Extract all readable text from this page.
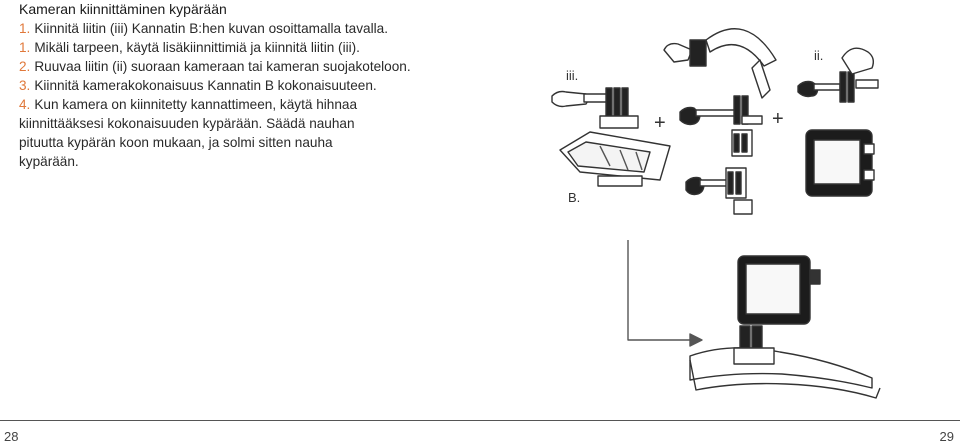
Kameran kiinnittäminen kypärään

1. Kiinnitä liitin (iii) Kannatin B:hen kuvan osoittamalla tavalla.

1. Mikäli tarpeen, käytä lisäkiinnittimiä ja kiinnitä liitin (iii).

2. Ruuvaa liitin (ii) suoraan kameraan tai kameran suojakoteloon.

3. Kiinnitä kamerakokonaisuus Kannatin B kokonaisuuteen.

4. Kun kamera on kiinnitetty kannattimeen, käytä hihnaa
kiinnittääksesi kokonaisuuden kypärään. Säädä nauhan
pituutta kypärän koon mukaan, ja solmi sitten nauha
kypärään.

iii.
ii.
B.
+	+
28	29
